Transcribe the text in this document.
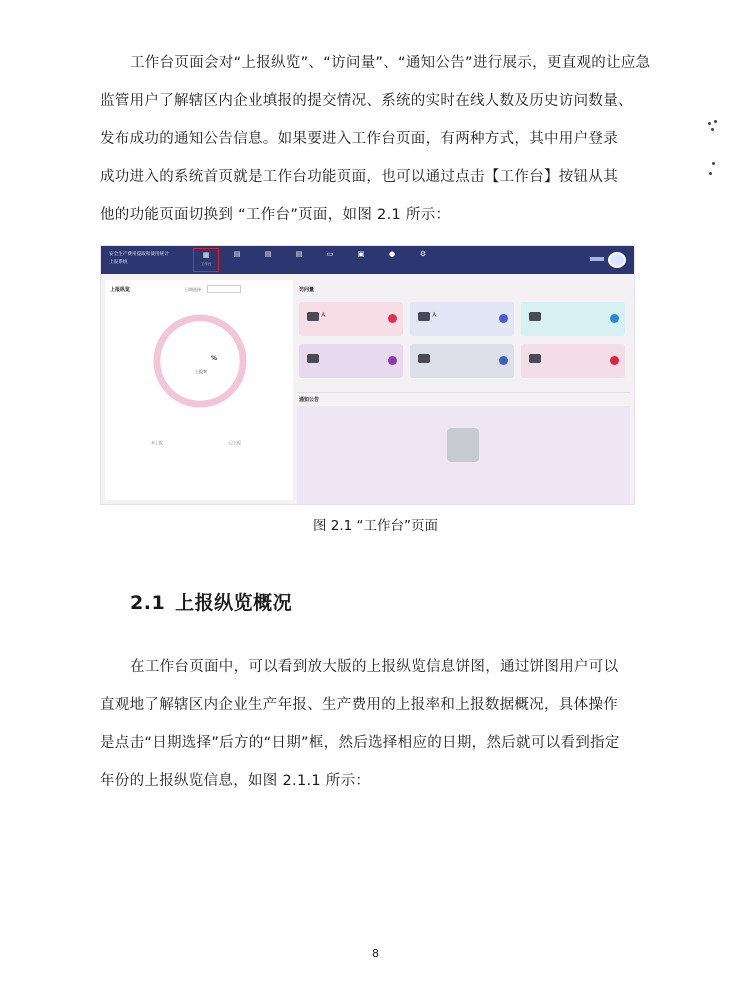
工作台页面会对“上报纵览”、“访问量”、“通知公告”进行展示，更直观的让应急
监管用户了解辖区内企业填报的提交情况、系统的实时在线人数及历史访问数量、
发布成功的通知公告信息。如果要进入工作台页面，有两种方式，其中用户登录
成功进入的系统首页就是工作台功能页面，也可以通过点击【工作台】按钮从其
他的功能页面切换到 “工作台”页面，如图 2.1 所示：

安全生产费用提取和使用统计
上报系统
▦
工作台
▤	▤	▤	▭	▣	●	⚙
上报纵览	日期选择
%
上报率
未上报	已上报
访问量
人	人
通知公告
图 2.1 “工作台”页面
2.1 上报纵览概况

在工作台页面中，可以看到放大版的上报纵览信息饼图，通过饼图用户可以
直观地了解辖区内企业生产年报、生产费用的上报率和上报数据概况，具体操作
是点击“日期选择”后方的“日期”框，然后选择相应的日期，然后就可以看到指定
年份的上报纵览信息，如图 2.1.1 所示：

8
